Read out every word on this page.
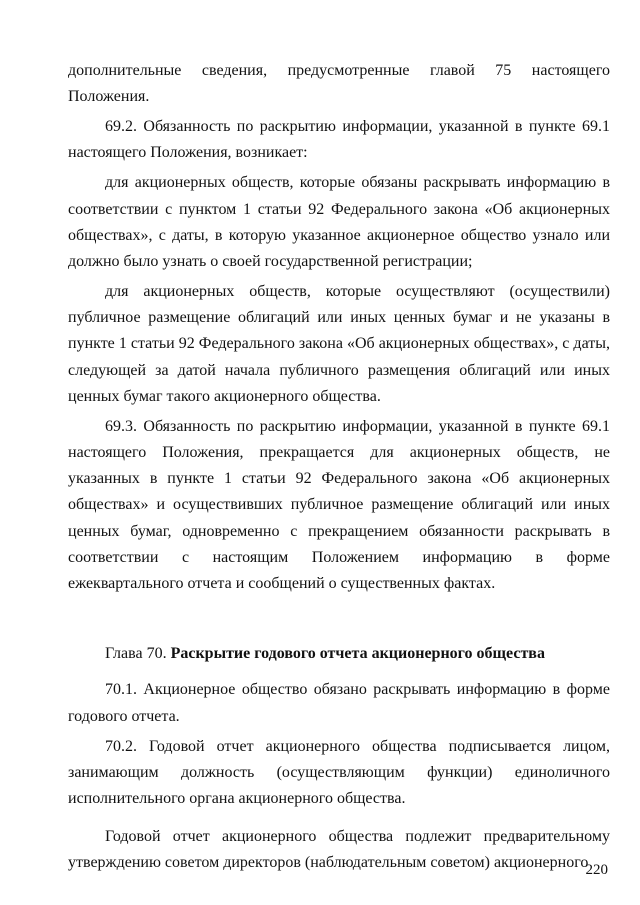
дополнительные сведения, предусмотренные главой 75 настоящего Положения.

69.2. Обязанность по раскрытию информации, указанной в пункте 69.1 настоящего Положения, возникает:

для акционерных обществ, которые обязаны раскрывать информацию в соответствии с пунктом 1 статьи 92 Федерального закона «Об акционерных обществах», с даты, в которую указанное акционерное общество узнало или должно было узнать о своей государственной регистрации;

для акционерных обществ, которые осуществляют (осуществили) публичное размещение облигаций или иных ценных бумаг и не указаны в пункте 1 статьи 92 Федерального закона «Об акционерных обществах», с даты, следующей за датой начала публичного размещения облигаций или иных ценных бумаг такого акционерного общества.

69.3. Обязанность по раскрытию информации, указанной в пункте 69.1 настоящего Положения, прекращается для акционерных обществ, не указанных в пункте 1 статьи 92 Федерального закона «Об акционерных обществах» и осуществивших публичное размещение облигаций или иных ценных бумаг, одновременно с прекращением обязанности раскрывать в соответствии с настоящим Положением информацию в форме ежеквартального отчета и сообщений о существенных фактах.

Глава 70. Раскрытие годового отчета акционерного общества

70.1. Акционерное общество обязано раскрывать информацию в форме годового отчета.

70.2. Годовой отчет акционерного общества подписывается лицом, занимающим должность (осуществляющим функции) единоличного исполнительного органа акционерного общества.

Годовой отчет акционерного общества подлежит предварительному утверждению советом директоров (наблюдательным советом) акционерного

220
